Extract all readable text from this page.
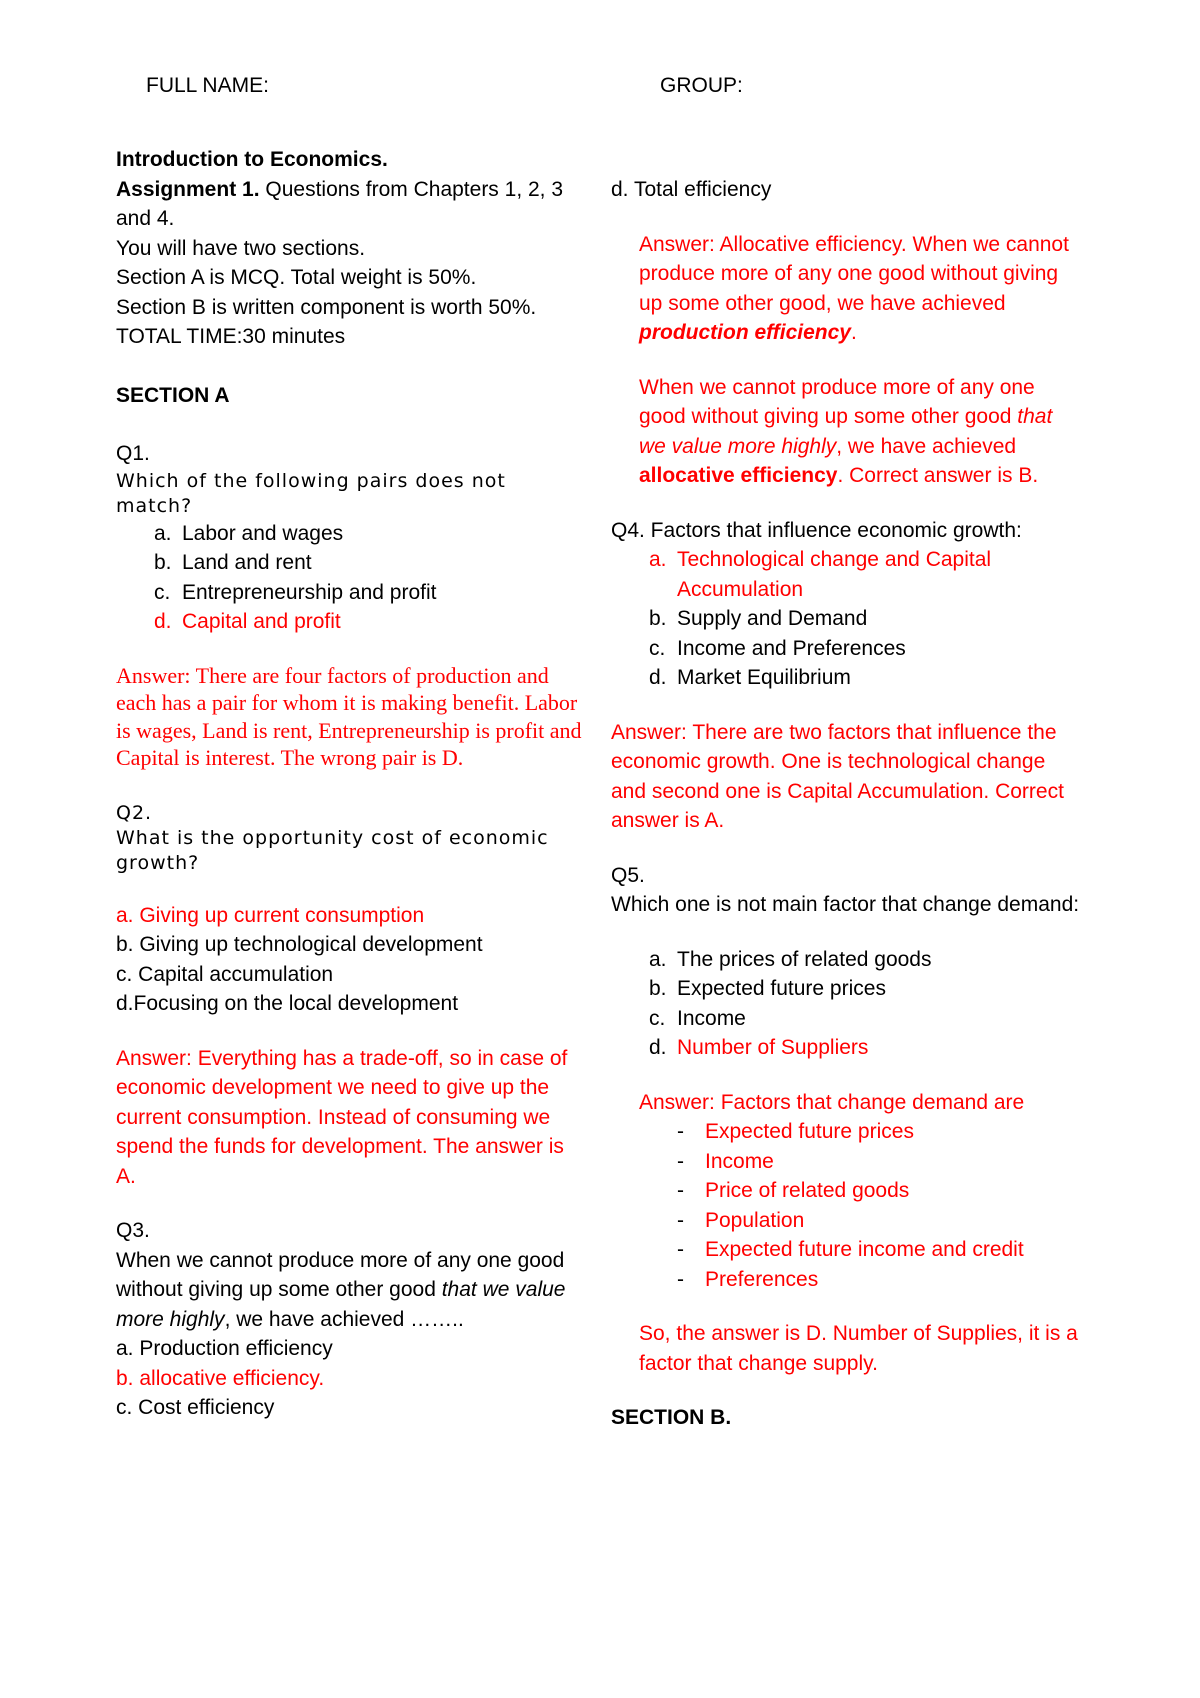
FULL NAME:	GROUP:

Introduction to Economics.

Assignment 1. Questions from Chapters 1, 2, 3 and 4.

You will have two sections.

Section A is MCQ. Total weight is 50%.

Section B is written component is worth 50%.

TOTAL TIME:30 minutes

SECTION A

Q1.

Which of the following pairs does not match?

a. Labor and wages
b. Land and rent
c. Entrepreneurship and profit
d. Capital and profit

Answer: There are four factors of production and each has a pair for whom it is making benefit. Labor is wages, Land is rent, Entrepreneurship is profit and Capital is interest. The wrong pair is D.

Q2.

What is the opportunity cost of economic growth?

a. Giving up current consumption

b. Giving up technological development

c. Capital accumulation

d.Focusing on the local development

Answer: Everything has a trade-off, so in case of economic development we need to give up the current consumption. Instead of consuming we spend the funds for development. The answer is A.

Q3.

When we cannot produce more of any one good without giving up some other good that we value more highly, we have achieved ……..

a. Production efficiency

b. allocative efficiency.

c. Cost efficiency

d. Total efficiency

Answer: Allocative efficiency. When we cannot produce more of any one good without giving up some other good, we have achieved production efficiency.

When we cannot produce more of any one good without giving up some other good that we value more highly, we have achieved allocative efficiency. Correct answer is B.

Q4. Factors that influence economic growth:

a. Technological change and Capital Accumulation
b. Supply and Demand
c. Income and Preferences
d. Market Equilibrium

Answer: There are two factors that influence the economic growth. One is technological change and second one is Capital Accumulation. Correct answer is A.

Q5.

Which one is not main factor that change demand:

a. The prices of related goods
b. Expected future prices
c. Income
d. Number of Suppliers

Answer: Factors that change demand are

- Expected future prices
- Income
- Price of related goods
- Population
- Expected future income and credit
- Preferences

So, the answer is D. Number of Supplies, it is a factor that change supply.

SECTION B.
